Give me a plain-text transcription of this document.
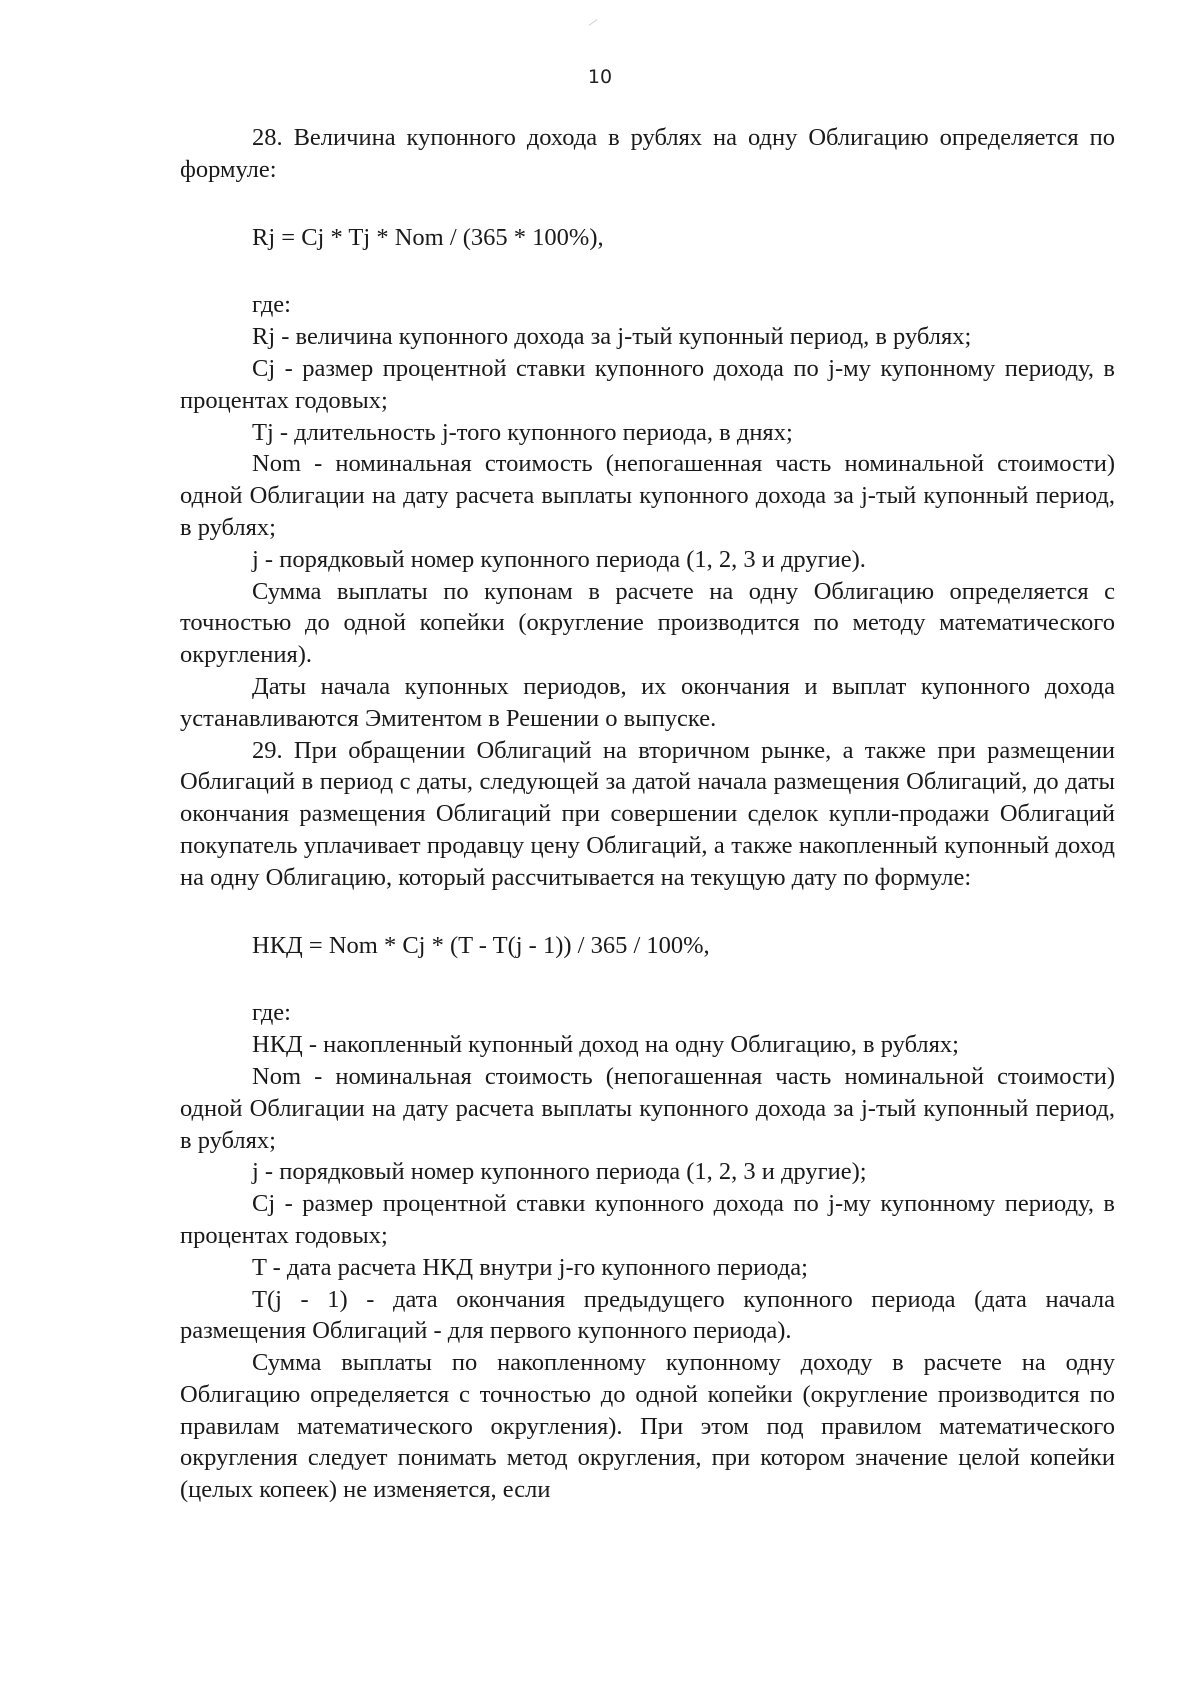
10

28. Величина купонного дохода в рублях на одну Облигацию определяется по формуле:

Rj = Cj * Tj * Nom / (365 * 100%),

где:

Rj - величина купонного дохода за j-тый купонный период, в рублях;

Cj - размер процентной ставки купонного дохода по j-му купонному периоду, в процентах годовых;

Tj - длительность j-того купонного периода, в днях;

Nom - номинальная стоимость (непогашенная часть номинальной стоимости) одной Облигации на дату расчета выплаты купонного дохода за j-тый купонный период, в рублях;

j - порядковый номер купонного периода (1, 2, 3 и другие).

Сумма выплаты по купонам в расчете на одну Облигацию определяется с точностью до одной копейки (округление производится по методу математического округления).

Даты начала купонных периодов, их окончания и выплат купонного дохода устанавливаются Эмитентом в Решении о выпуске.

29. При обращении Облигаций на вторичном рынке, а также при размещении Облигаций в период с даты, следующей за датой начала размещения Облигаций, до даты окончания размещения Облигаций при совершении сделок купли-продажи Облигаций покупатель уплачивает продавцу цену Облигаций, а также накопленный купонный доход на одну Облигацию, который рассчитывается на текущую дату по формуле:

НКД = Nom * Cj * (T - T(j - 1)) / 365 / 100%,

где:

НКД - накопленный купонный доход на одну Облигацию, в рублях;

Nom - номинальная стоимость (непогашенная часть номинальной стоимости) одной Облигации на дату расчета выплаты купонного дохода за j-тый купонный период, в рублях;

j - порядковый номер купонного периода (1, 2, 3 и другие);

Cj - размер процентной ставки купонного дохода по j-му купонному периоду, в процентах годовых;

T - дата расчета НКД внутри j-го купонного периода;

T(j - 1) - дата окончания предыдущего купонного периода (дата начала размещения Облигаций - для первого купонного периода).

Сумма выплаты по накопленному купонному доходу в расчете на одну Облигацию определяется с точностью до одной копейки (округление производится по правилам математического округления). При этом под правилом математического округления следует понимать метод округления, при котором значение целой копейки (целых копеек) не изменяется, если
